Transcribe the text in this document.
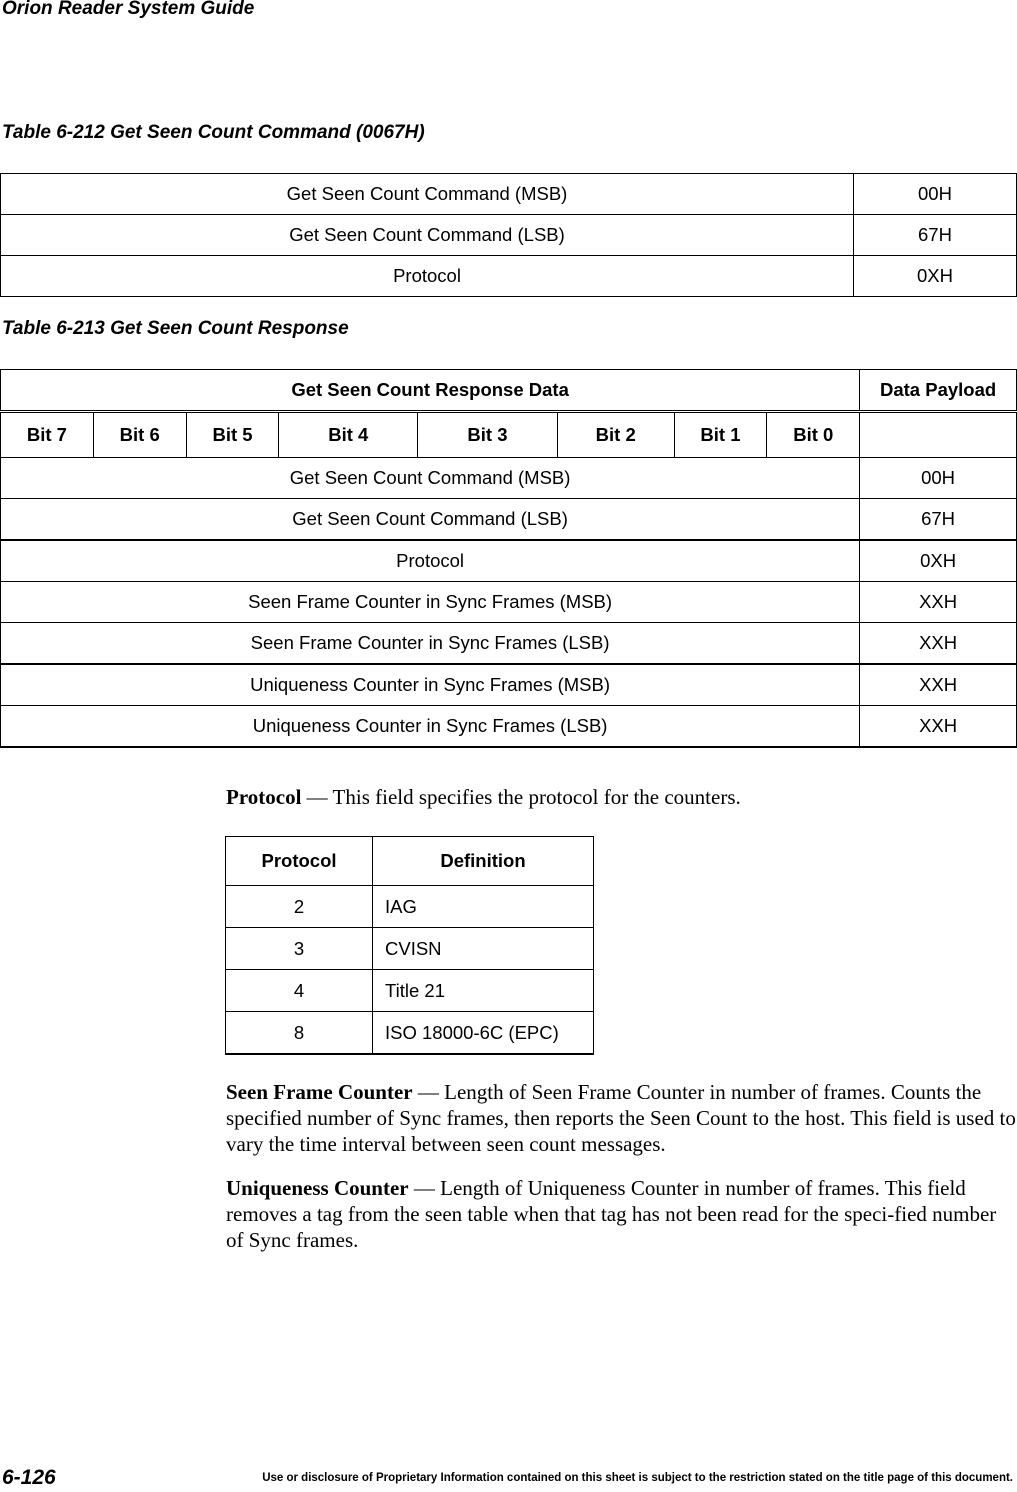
Orion Reader System Guide
Table 6-212 Get Seen Count Command (0067H)
Get Seen Count Command (MSB)	00H
Get Seen Count Command (LSB)	67H
Protocol	0XH
Table 6-213 Get Seen Count Response
Get Seen Count Response Data								Data Payload
Bit 7	Bit 6	Bit 5	Bit 4	Bit 3	Bit 2	Bit 1	Bit 0	
Get Seen Count Command (MSB)								00H
Get Seen Count Command (LSB)								67H
Protocol								0XH
Seen Frame Counter in Sync Frames (MSB)								XXH
Seen Frame Counter in Sync Frames (LSB)								XXH
Uniqueness Counter in Sync Frames (MSB)								XXH
Uniqueness Counter in Sync Frames (LSB)								XXH
Protocol — This field specifies the protocol for the counters.
Protocol	Definition
2	IAG
3	CVISN
4	Title 21
8	ISO 18000-6C (EPC)
Seen Frame Counter — Length of Seen Frame Counter in number of frames. Counts the specified number of Sync frames, then reports the Seen Count to the host. This field is used to vary the time interval between seen count messages.
Uniqueness Counter — Length of Uniqueness Counter in number of frames. This field removes a tag from the seen table when that tag has not been read for the speci-fied number of Sync frames.
6-126	Use or disclosure of Proprietary Information contained on this sheet is subject to the restriction stated on the title page of this document.
